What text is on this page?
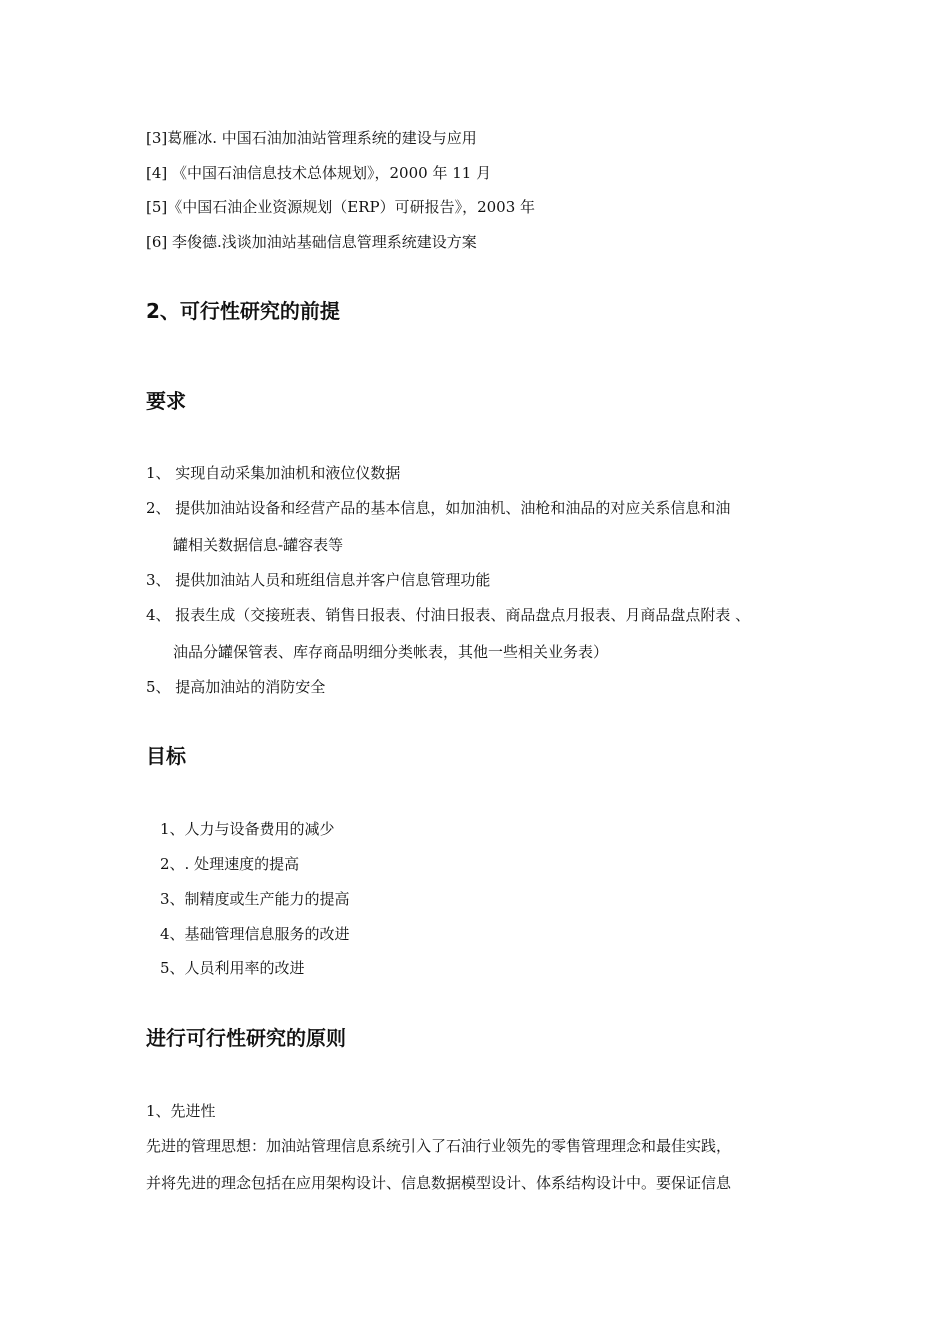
[3]葛雁冰. 中国石油加油站管理系统的建设与应用
[4] 《中国石油信息技术总体规划》，2000 年 11 月
[5]《中国石油企业资源规划（ERP）可研报告》，2003 年
[6] 李俊德.浅谈加油站基础信息管理系统建设方案
2、可行性研究的前提
要求
1、 实现自动采集加油机和液位仪数据
2、 提供加油站设备和经营产品的基本信息，如加油机、油枪和油品的对应关系信息和油
罐相关数据信息-罐容表等
3、 提供加油站人员和班组信息并客户信息管理功能
4、 报表生成（交接班表、销售日报表、付油日报表、商品盘点月报表、月商品盘点附表 、
油品分罐保管表、库存商品明细分类帐表，其他一些相关业务表）
5、 提高加油站的消防安全
目标
1、人力与设备费用的减少
2、. 处理速度的提高
3、制精度或生产能力的提高
4、基础管理信息服务的改进
5、人员利用率的改进
进行可行性研究的原则
1、先进性
先进的管理思想：加油站管理信息系统引入了石油行业领先的零售管理理念和最佳实践，
并将先进的理念包括在应用架构设计、信息数据模型设计、体系结构设计中。要保证信息
